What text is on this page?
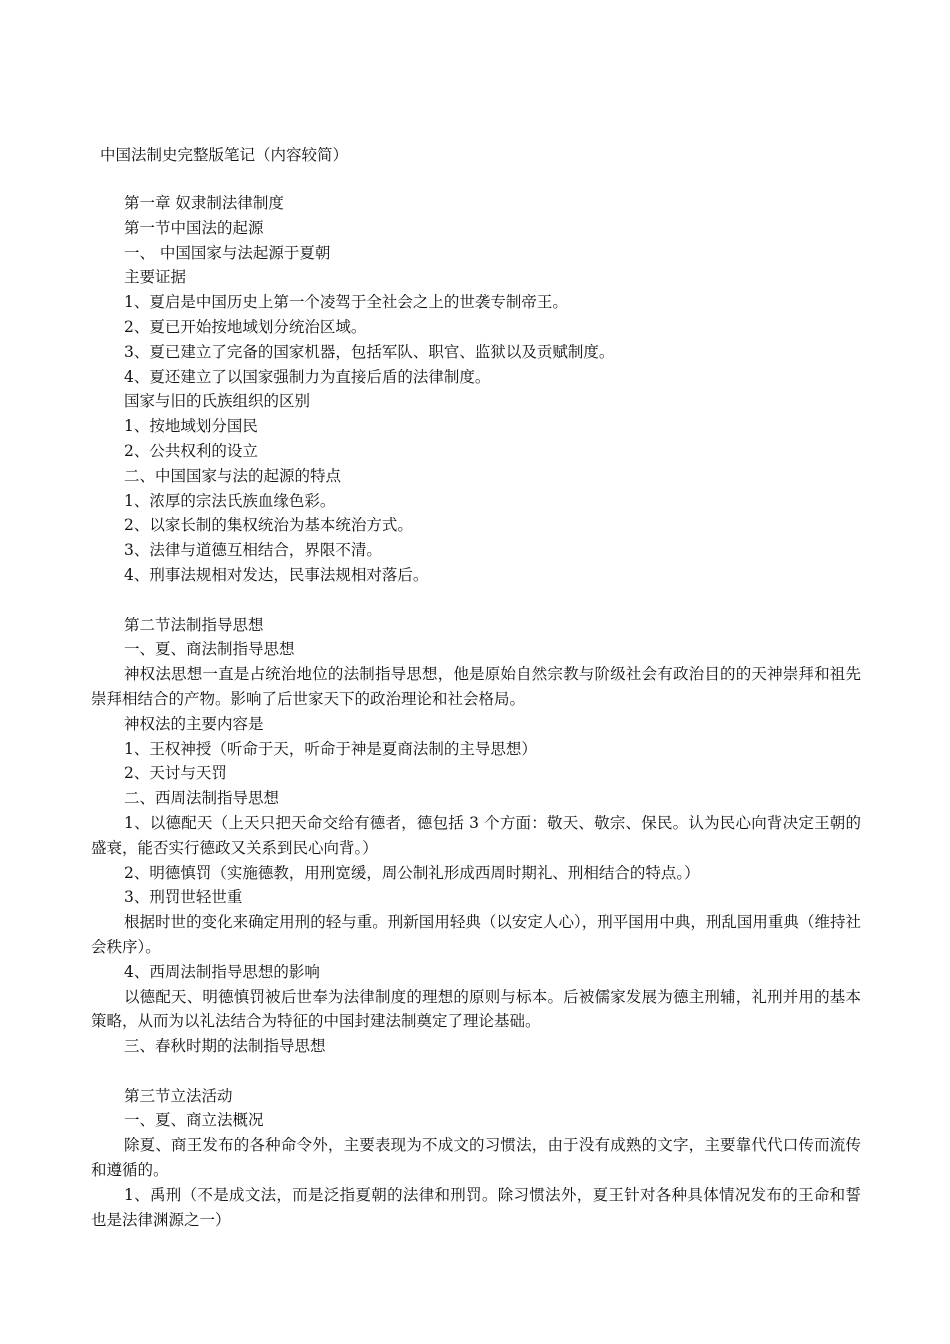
中国法制史完整版笔记（内容较简）

第一章 奴隶制法律制度

第一节中国法的起源

一、 中国国家与法起源于夏朝

主要证据

1、夏启是中国历史上第一个凌驾于全社会之上的世袭专制帝王。

2、夏已开始按地域划分统治区域。

3、夏已建立了完备的国家机器，包括军队、职官、监狱以及贡赋制度。

4、夏还建立了以国家强制力为直接后盾的法律制度。

国家与旧的氏族组织的区别

1、按地域划分国民

2、公共权利的设立

二、中国国家与法的起源的特点

1、浓厚的宗法氏族血缘色彩。

2、以家长制的集权统治为基本统治方式。

3、法律与道德互相结合，界限不清。

4、刑事法规相对发达，民事法规相对落后。

第二节法制指导思想

一、夏、商法制指导思想

神权法思想一直是占统治地位的法制指导思想，他是原始自然宗教与阶级社会有政治目的的天神崇拜和祖先崇拜相结合的产物。影响了后世家天下的政治理论和社会格局。

神权法的主要内容是

1、王权神授（听命于天，听命于神是夏商法制的主导思想）

2、天讨与天罚

二、西周法制指导思想

1、以德配天（上天只把天命交给有德者，德包括 3 个方面：敬天、敬宗、保民。认为民心向背决定王朝的盛衰，能否实行德政又关系到民心向背。）

2、明德慎罚（实施德教，用刑宽缓，周公制礼形成西周时期礼、刑相结合的特点。）

3、刑罚世轻世重

根据时世的变化来确定用刑的轻与重。刑新国用轻典（以安定人心），刑平国用中典，刑乱国用重典（维持社会秩序）。

4、西周法制指导思想的影响

以德配天、明德慎罚被后世奉为法律制度的理想的原则与标本。后被儒家发展为德主刑辅，礼刑并用的基本策略，从而为以礼法结合为特征的中国封建法制奠定了理论基础。

三、春秋时期的法制指导思想

第三节立法活动

一、夏、商立法概况

除夏、商王发布的各种命令外，主要表现为不成文的习惯法，由于没有成熟的文字，主要靠代代口传而流传和遵循的。

1、禹刑（不是成文法，而是泛指夏朝的法律和刑罚。除习惯法外，夏王针对各种具体情况发布的王命和誓也是法律渊源之一）
